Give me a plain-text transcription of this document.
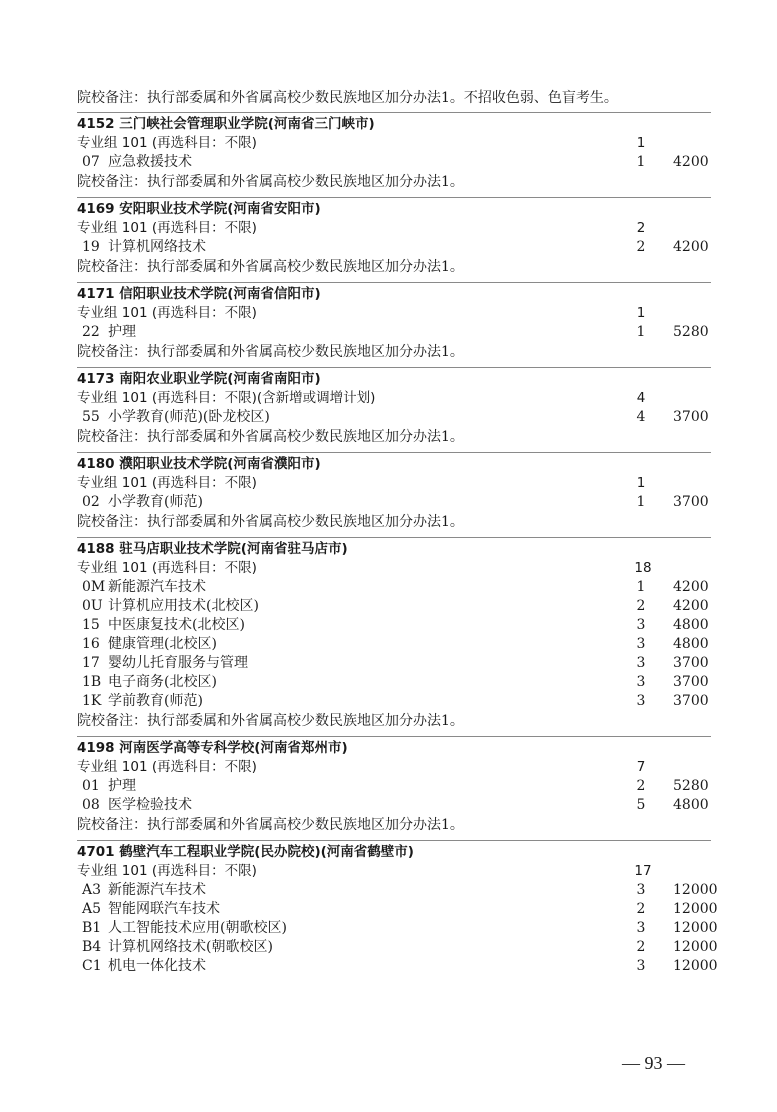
院校备注：执行部委属和外省属高校少数民族地区加分办法1。不招收色弱、色盲考生。
4152 三门峡社会管理职业学院(河南省三门峡市)
专业组 101 (再选科目：不限)	1
07 应急救援技术	1 4200
院校备注：执行部委属和外省属高校少数民族地区加分办法1。
4169 安阳职业技术学院(河南省安阳市)
专业组 101 (再选科目：不限)	2
19 计算机网络技术	2 4200
院校备注：执行部委属和外省属高校少数民族地区加分办法1。
4171 信阳职业技术学院(河南省信阳市)
专业组 101 (再选科目：不限)	1
22 护理	1 5280
院校备注：执行部委属和外省属高校少数民族地区加分办法1。
4173 南阳农业职业学院(河南省南阳市)
专业组 101 (再选科目：不限)(含新增或调增计划)	4
55 小学教育(师范)(卧龙校区)	4 3700
院校备注：执行部委属和外省属高校少数民族地区加分办法1。
4180 濮阳职业技术学院(河南省濮阳市)
专业组 101 (再选科目：不限)	1
02 小学教育(师范)	1 3700
院校备注：执行部委属和外省属高校少数民族地区加分办法1。
4188 驻马店职业技术学院(河南省驻马店市)
专业组 101 (再选科目：不限)	18
0M 新能源汽车技术	1 4200
0U 计算机应用技术(北校区)	2 4200
15 中医康复技术(北校区)	3 4800
16 健康管理(北校区)	3 4800
17 婴幼儿托育服务与管理	3 3700
1B 电子商务(北校区)	3 3700
1K 学前教育(师范)	3 3700
院校备注：执行部委属和外省属高校少数民族地区加分办法1。
4198 河南医学高等专科学校(河南省郑州市)
专业组 101 (再选科目：不限)	7
01 护理	2 5280
08 医学检验技术	5 4800
院校备注：执行部委属和外省属高校少数民族地区加分办法1。
4701 鹤壁汽车工程职业学院(民办院校)(河南省鹤壁市)
专业组 101 (再选科目：不限)	17
A3 新能源汽车技术	3 12000
A5 智能网联汽车技术	2 12000
B1 人工智能技术应用(朝歌校区)	3 12000
B4 计算机网络技术(朝歌校区)	2 12000
C1 机电一体化技术	3 12000
— 93 —
